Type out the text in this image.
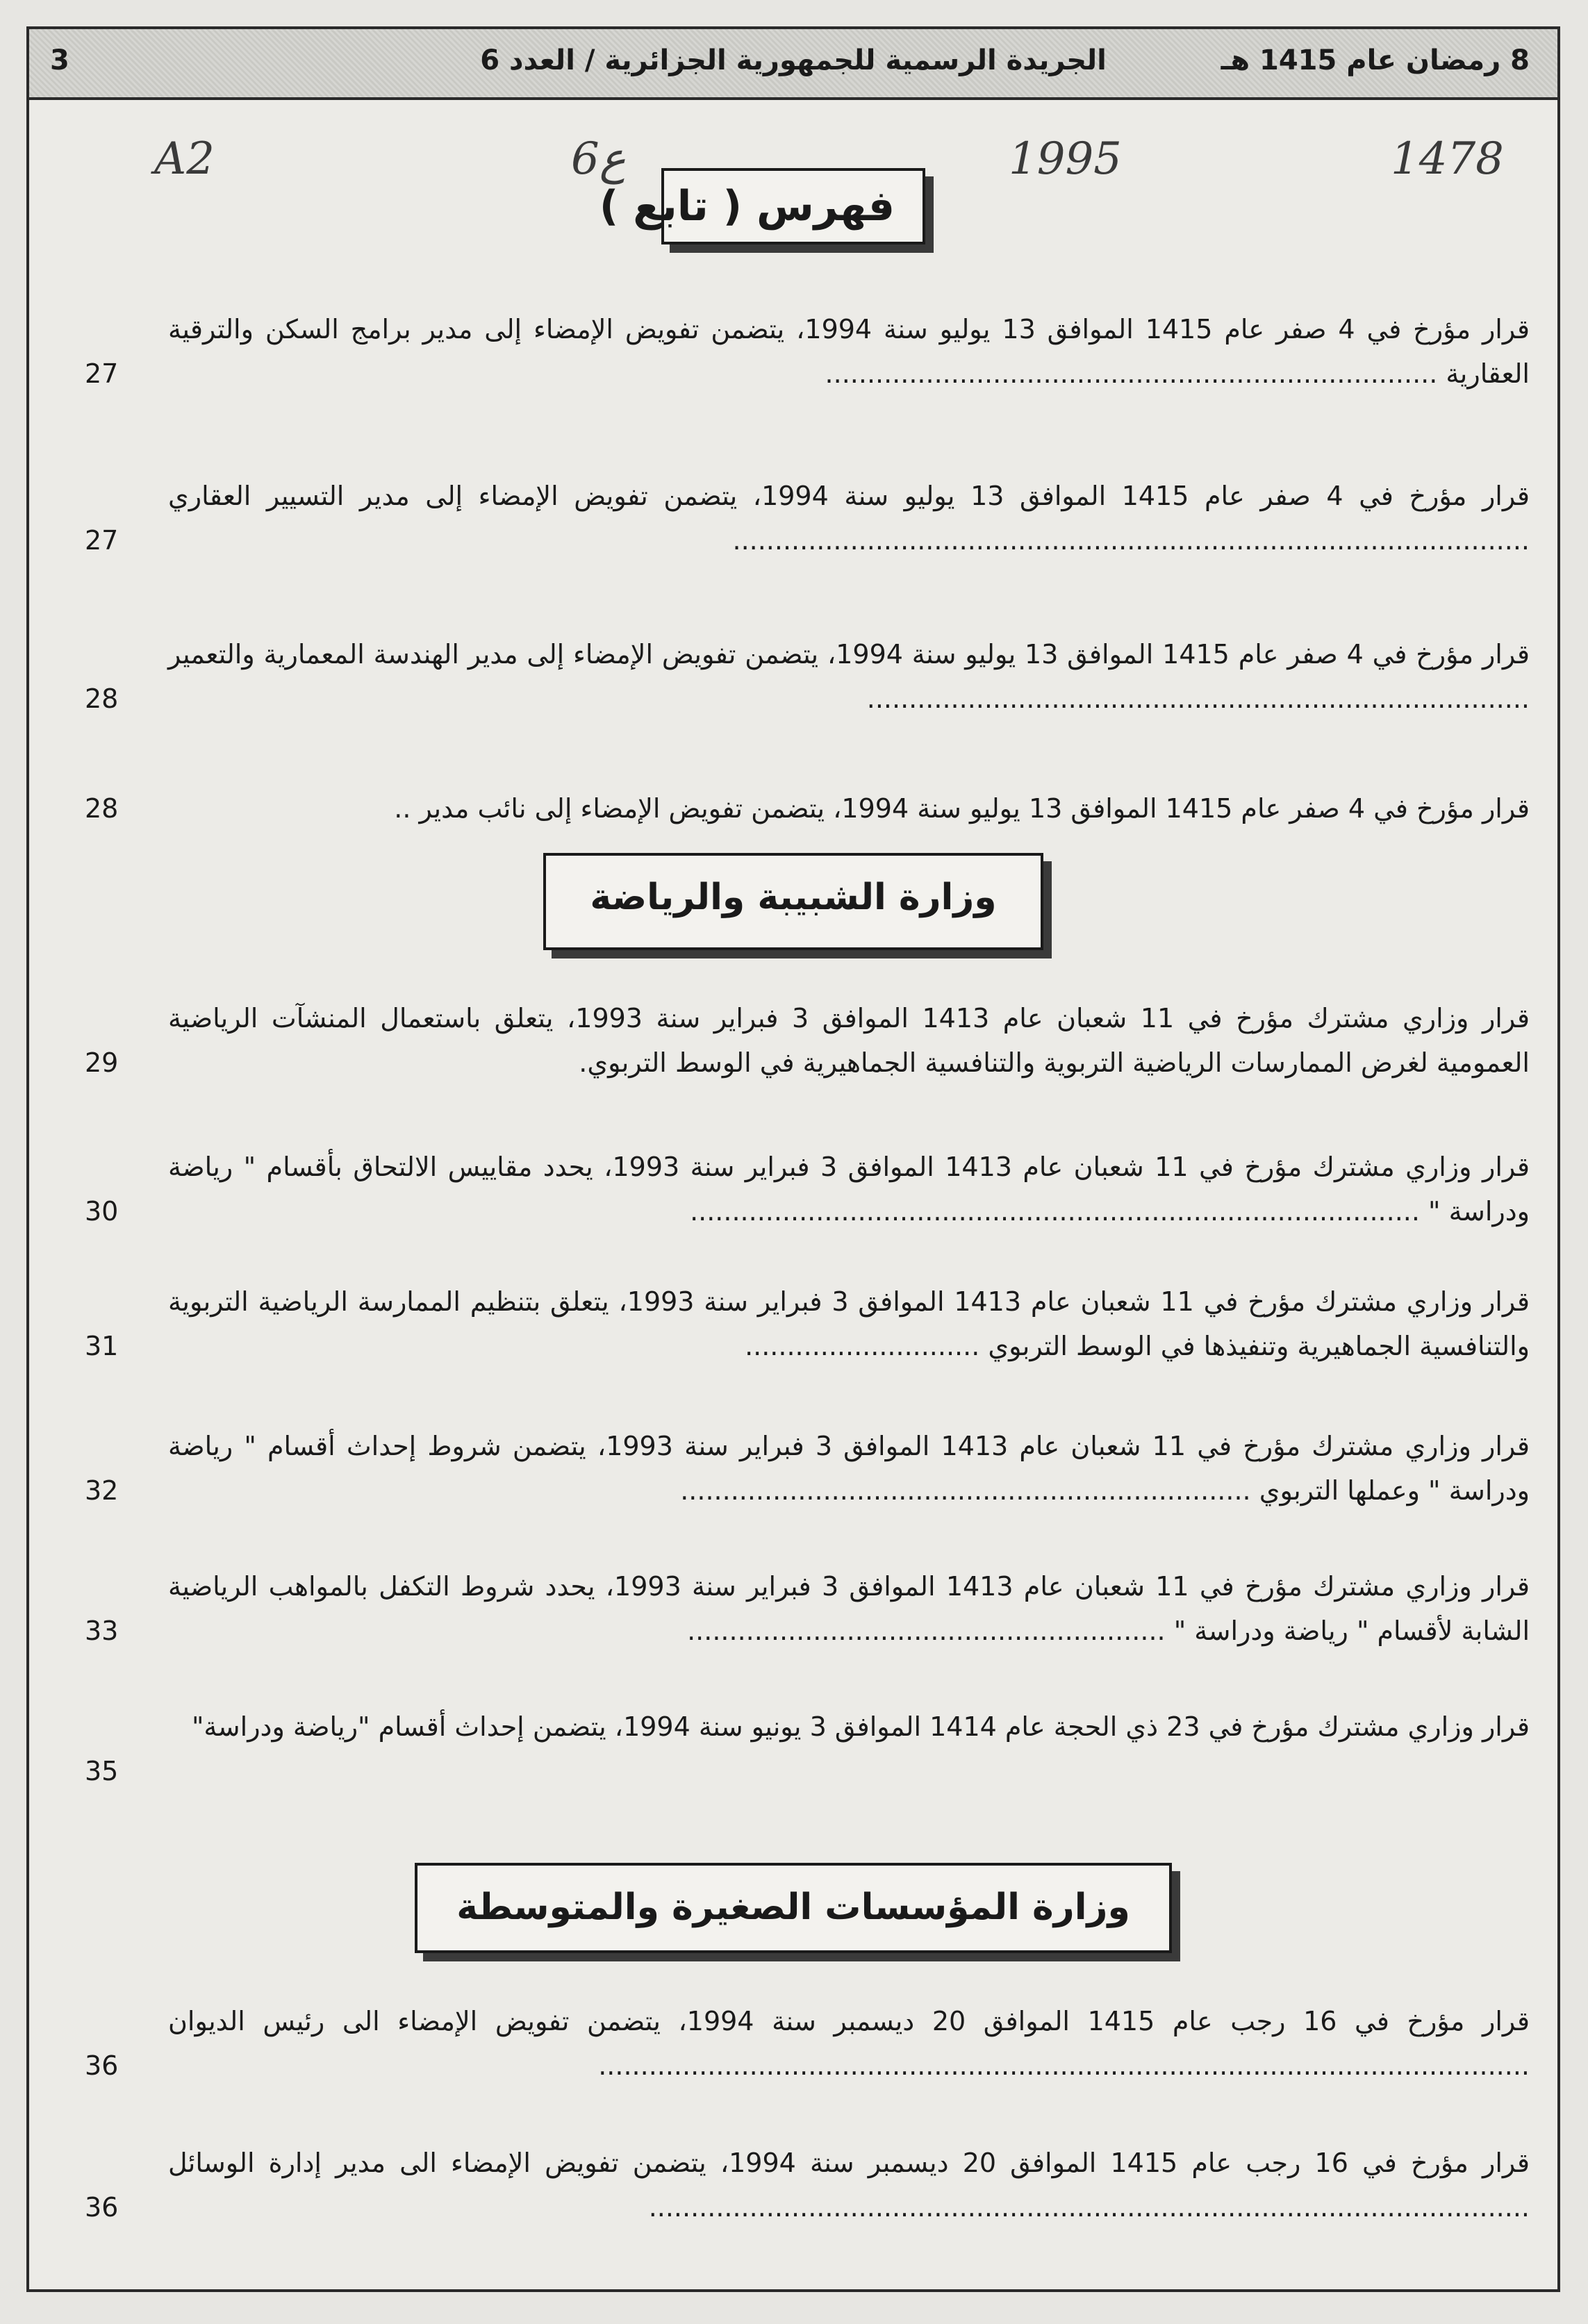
8 رمضان عام 1415 هـ
الجريدة الرسمية للجمهورية الجزائرية / العدد 6
3
A2	6ع	1995	1478
فهرس ( تابع )
قرار مؤرخ في 4 صفر عام 1415 الموافق 13 يوليو سنة 1994، يتضمن تفويض الإمضاء إلى مدير برامج السكن والترقية العقارية .........................................................................
27
قرار مؤرخ في 4 صفر عام 1415 الموافق 13 يوليو سنة 1994، يتضمن تفويض الإمضاء إلى مدير التسيير العقاري ...............................................................................................
27
قرار مؤرخ في 4 صفر عام 1415 الموافق 13 يوليو سنة 1994، يتضمن تفويض الإمضاء إلى مدير الهندسة المعمارية والتعمير ...............................................................................
28
قرار مؤرخ في 4 صفر عام 1415 الموافق 13 يوليو سنة 1994، يتضمن تفويض الإمضاء إلى نائب مدير ..
28
وزارة الشبيبة والرياضة
قرار وزاري مشترك مؤرخ في 11 شعبان عام 1413 الموافق 3 فبراير سنة 1993، يتعلق باستعمال المنشآت الرياضية العمومية لغرض الممارسات الرياضية التربوية والتنافسية الجماهيرية في الوسط التربوي.
29
قرار وزاري مشترك مؤرخ في 11 شعبان عام 1413 الموافق 3 فبراير سنة 1993، يحدد مقاييس الالتحاق بأقسام " رياضة ودراسة " .......................................................................................
30
قرار وزاري مشترك مؤرخ في 11 شعبان عام 1413 الموافق 3 فبراير سنة 1993، يتعلق بتنظيم الممارسة الرياضية التربوية والتنافسية الجماهيرية وتنفيذها في الوسط التربوي ............................
31
قرار وزاري مشترك مؤرخ في 11 شعبان عام 1413 الموافق 3 فبراير سنة 1993، يتضمن شروط إحداث أقسام " رياضة ودراسة " وعملها التربوي ....................................................................
32
قرار وزاري مشترك مؤرخ في 11 شعبان عام 1413 الموافق 3 فبراير سنة 1993، يحدد شروط التكفل بالمواهب الرياضية الشابة لأقسام " رياضة ودراسة " .........................................................
33
قرار وزاري مشترك مؤرخ في 23 ذي الحجة عام 1414 الموافق 3 يونيو سنة 1994، يتضمن إحداث أقسام "رياضة ودراسة"
35
وزارة المؤسسات الصغيرة والمتوسطة
قرار مؤرخ في 16 رجب عام 1415 الموافق 20 ديسمبر سنة 1994، يتضمن تفويض الإمضاء الى رئيس الديوان ...............................................................................................................
36
قرار مؤرخ في 16 رجب عام 1415 الموافق 20 ديسمبر سنة 1994، يتضمن تفويض الإمضاء الى مدير إدارة الوسائل .........................................................................................................
36
